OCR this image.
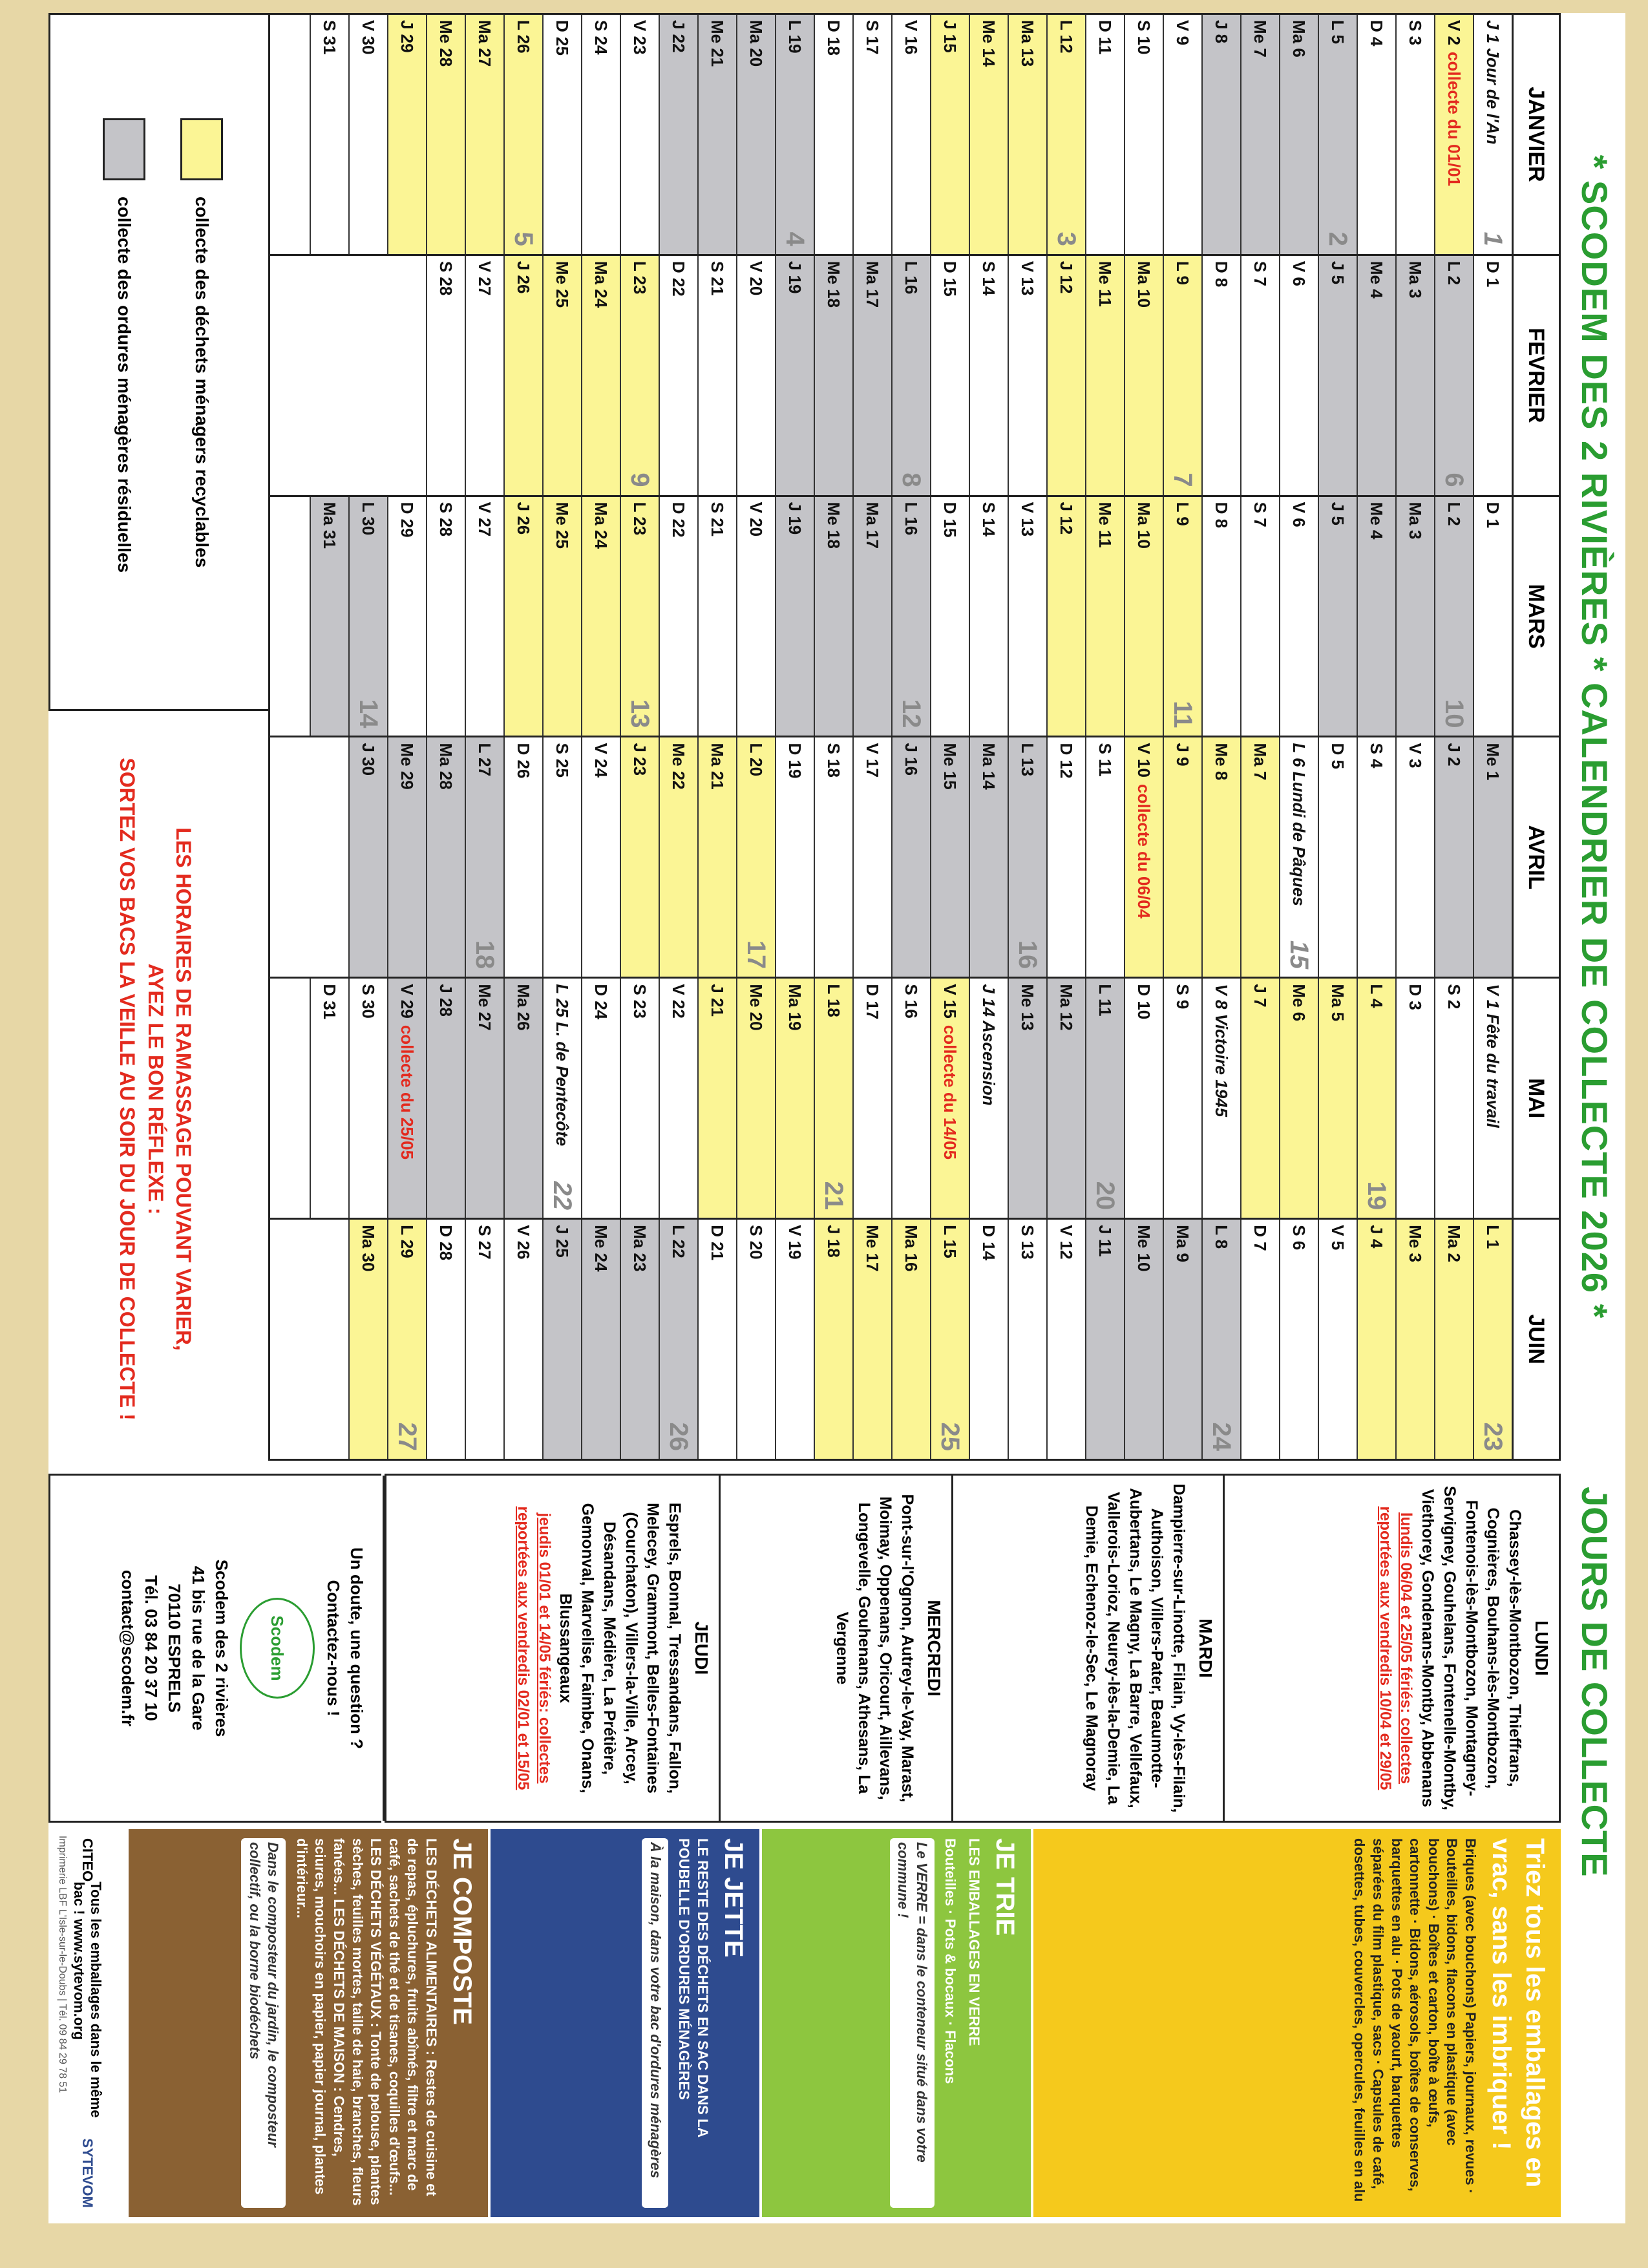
* SCODEM DES 2 RIVIÈRES * CALENDRIER DE COLLECTE 2026 *
JANVIER
J 1 Jour de l'An
1
V 2
collecte du 01/01
S 3
D 4
L 5
2
Ma 6
Me 7
J 8
V 9
S 10
D 11
L 12
3
Ma 13
Me 14
J 15
V 16
S 17
D 18
L 19
4
Ma 20
Me 21
J 22
V 23
S 24
D 25
L 26
5
Ma 27
Me 28
J 29
V 30
S 31
FEVRIER
D 1
L 2
6
Ma 3
Me 4
J 5
V 6
S 7
D 8
L 9
7
Ma 10
Me 11
J 12
V 13
S 14
D 15
L 16
8
Ma 17
Me 18
J 19
V 20
S 21
D 22
L 23
9
Ma 24
Me 25
J 26
V 27
S 28
MARS
D 1
L 2
10
Ma 3
Me 4
J 5
V 6
S 7
D 8
L 9
11
Ma 10
Me 11
J 12
V 13
S 14
D 15
L 16
12
Ma 17
Me 18
J 19
V 20
S 21
D 22
L 23
13
Ma 24
Me 25
J 26
V 27
S 28
D 29
L 30
14
Ma 31
AVRIL
Me 1
J 2
V 3
S 4
D 5
L 6 Lundi de Pâques
15
Ma 7
Me 8
J 9
V 10
collecte du 06/04
S 11
D 12
L 13
16
Ma 14
Me 15
J 16
V 17
S 18
D 19
L 20
17
Ma 21
Me 22
J 23
V 24
S 25
D 26
L 27
18
Ma 28
Me 29
J 30
MAI
V 1 Fête du travail
S 2
D 3
L 4
19
Ma 5
Me 6
J 7
V 8 Victoire 1945
S 9
D 10
L 11
20
Ma 12
Me 13
J 14 Ascension
V 15
collecte du 14/05
S 16
D 17
L 18
21
Ma 19
Me 20
J 21
V 22
S 23
D 24
L 25 L. de Pentecôte
22
Ma 26
Me 27
J 28
V 29
collecte du 25/05
S 30
D 31
JUIN
L 1
23
Ma 2
Me 3
J 4
V 5
S 6
D 7
L 8
24
Ma 9
Me 10
J 11
V 12
S 13
D 14
L 15
25
Ma 16
Me 17
J 18
V 19
S 20
D 21
L 22
26
Ma 23
Me 24
J 25
V 26
S 27
D 28
L 29
27
Ma 30
collecte des déchets ménagers recyclables
collecte des ordures ménagères résiduelles
LES HORAIRES DE RAMASSAGE POUVANT VARIER,
AYEZ LE BON RÉFLEXE :
SORTEZ VOS BACS LA VEILLE AU SOIR DU JOUR DE COLLECTE !
JOURS DE COLLECTE
LUNDI
Chassey-lès-Montbozon, Thieffrans, Cognières, Bouhans-lès-Montbozon, Fontenois-lès-Montbozon, Montagney-Servigney, Gouhelans, Fontenelle-Montby, Viethorey, Gondenans-Montby, Abbenans
lundis 06/04 et 25/05 fériés: collectes reportées aux vendredis 10/04 et 29/05
MARDI
Dampierre-sur-Linotte, Filain, Vy-lès-Filain, Authoison, Villers-Pater, Beaumotte-Aubertans, Le Magny, La Barre, Vellefaux, Vallerois-Lorioz, Neurey-lès-la-Demie, La Demie, Echenoz-le-Sec, Le Magnoray
MERCREDI
Pont-sur-l'Ognon, Autrey-le-Vay, Marast, Moimay, Oppenans, Oricourt, Aillevans, Longevelle, Gouhenans, Athesans, La Vergenne
JEUDI
Esprels, Bonnal, Tressandans, Fallon, Melecey, Grammont, Belles-Fontaines (Courchaton), Villers-la-Ville, Arcey, Désandans, Médière, La Prétière, Gemonval, Marvelise, Faimbe, Onans, Blussangeaux
jeudis 01/01 et 14/05 fériés: collectes reportées aux vendredis 02/01 et 15/05
Un doute, une question ?
Contactez-nous !
Scodem
Scodem des 2 rivières
41 bis rue de la Gare
70110 ESPRELS
Tél. 03 84 20 37 10
contact@scodem.fr
Triez tous les emballages en vrac, sans les imbriquer !
Briques (avec bouchons) Papiers, journaux, revues · Bouteilles, bidons, flacons en plastique (avec bouchons) · Boîtes et carton, boîte à œufs, cartonnette · Bidons, aérosols, boîtes de conserves, barquettes en alu · Pots de yaourt, barquettes séparées du film plastique, sacs · Capsules de café, dosettes, tubes, couvercles, opercules, feuilles en alu
JE TRIE
LES EMBALLAGES EN VERRE
Bouteilles · Pots & bocaux · Flacons
Le VERRE = dans le conteneur situé dans votre commune !
JE JETTE
LE RESTE DES DÉCHETS EN SAC DANS LA POUBELLE D'ORDURES MÉNAGÈRES
À la maison, dans votre bac d'ordures ménagères
JE COMPOSTE
LES DÉCHETS ALIMENTAIRES : Restes de cuisine et de repas, épluchures, fruits abîmés, filtre et marc de café, sachets de thé et de tisanes, coquilles d'œufs... LES DÉCHETS VÉGÉTAUX : Tonte de pelouse, plantes sèches, feuilles mortes, taille de haie, branches, fleurs fanées... LES DÉCHETS DE MAISON : Cendres, sciures, mouchoirs en papier, papier journal, plantes d'intérieur...
Dans le composteur du jardin, le composteur collectif, ou la borne biodéchets
CITEO
Tous les emballages dans le même bac ! www.sytevom.org
SYTEVOM
Imprimerie LBF L'Isle-sur-le-Doubs | Tél. 09 84 29 78 51
